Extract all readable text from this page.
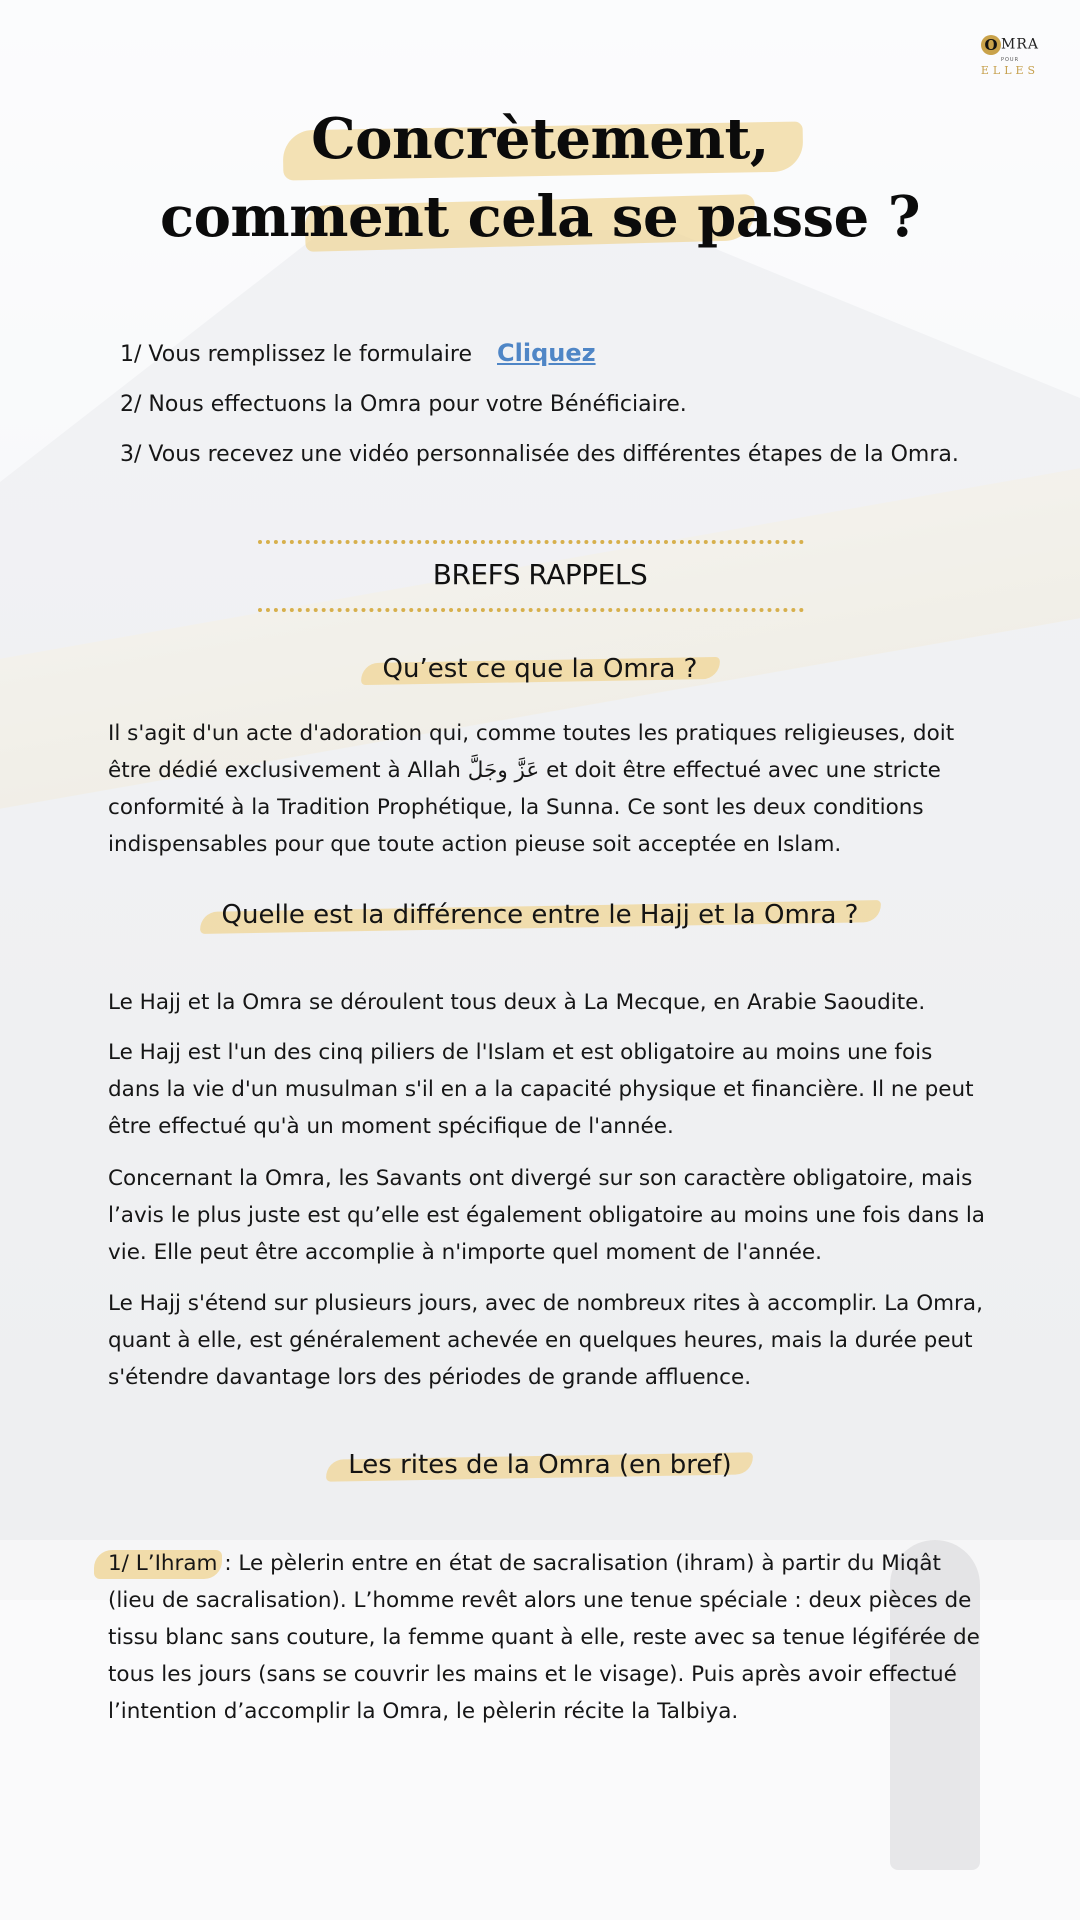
O MRA
POUR
ELLES
Concrètement,
comment cela se passe ?
1/ Vous remplissez le formulaire Cliquez
2/ Nous effectuons la Omra pour votre Bénéficiaire.
3/ Vous recevez une vidéo personnalisée des différentes étapes de la Omra.
BREFS RAPPELS
Qu’est ce que la Omra ?

Il s'agit d'un acte d'adoration qui, comme toutes les pratiques religieuses, doit être dédié exclusivement à Allah عَزَّ وجَلَّ et doit être effectué avec une stricte conformité à la Tradition Prophétique, la Sunna. Ce sont les deux conditions indispensables pour que toute action pieuse soit acceptée en Islam.

Quelle est la différence entre le Hajj et la Omra ?

Le Hajj et la Omra se déroulent tous deux à La Mecque, en Arabie Saoudite.

Le Hajj est l'un des cinq piliers de l'Islam et est obligatoire au moins une fois dans la vie d'un musulman s'il en a la capacité physique et financière. Il ne peut être effectué qu'à un moment spécifique de l'année.

Concernant la Omra, les Savants ont divergé sur son caractère obligatoire, mais l’avis le plus juste est qu’elle est également obligatoire au moins une fois dans la vie. Elle peut être accomplie à n'importe quel moment de l'année.

Le Hajj s'étend sur plusieurs jours, avec de nombreux rites à accomplir. La Omra, quant à elle, est généralement achevée en quelques heures, mais la durée peut s'étendre davantage lors des périodes de grande affluence.

Les rites de la Omra (en bref)

1/ L’Ihram : Le pèlerin entre en état de sacralisation (ihram) à partir du Miqât (lieu de sacralisation). L’homme revêt alors une tenue spéciale : deux pièces de tissu blanc sans couture, la femme quant à elle, reste avec sa tenue légiférée de tous les jours (sans se couvrir les mains et le visage). Puis après avoir effectué l’intention d’accomplir la Omra, le pèlerin récite la Talbiya.
